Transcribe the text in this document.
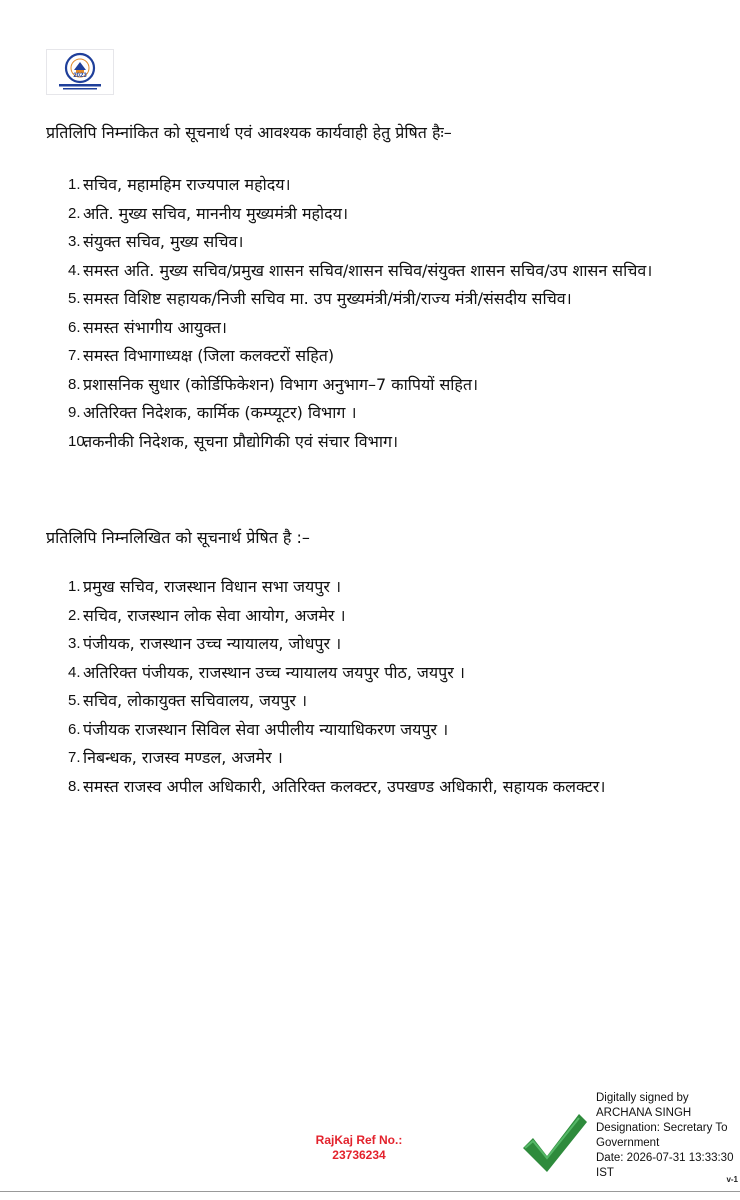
2023
प्रतिलिपि निम्नांकित को सूचनार्थ एवं आवश्यक कार्यवाही हेतु प्रेषित हैः–
1. सचिव, महामहिम राज्यपाल महोदय।
2. अति. मुख्य सचिव, माननीय मुख्यमंत्री महोदय।
3. संयुक्त सचिव, मुख्य सचिव।
4. समस्त अति. मुख्य सचिव/प्रमुख शासन सचिव/शासन सचिव/संयुक्त शासन सचिव/उप शासन सचिव।
5. समस्त विशिष्ट सहायक/निजी सचिव मा. उप मुख्यमंत्री/मंत्री/राज्य मंत्री/संसदीय सचिव।
6. समस्त संभागीय आयुक्त।
7. समस्त विभागाध्यक्ष (जिला कलक्टरों सहित)
8. प्रशासनिक सुधार (कोर्डिफिकेशन) विभाग अनुभाग–7 कापियों सहित।
9. अतिरिक्त निदेशक, कार्मिक (कम्प्यूटर) विभाग ।
10.
तकनीकी निदेशक, सूचना प्रौद्योगिकी एवं संचार विभाग।
प्रतिलिपि निम्नलिखित को सूचनार्थ प्रेषित है :–
1. प्रमुख सचिव, राजस्थान विधान सभा जयपुर ।
2. सचिव, राजस्थान लोक सेवा आयोग, अजमेर ।
3. पंजीयक, राजस्थान उच्च न्यायालय, जोधपुर ।
4. अतिरिक्त पंजीयक, राजस्थान उच्च न्यायालय जयपुर पीठ, जयपुर ।
5. सचिव, लोकायुक्त सचिवालय, जयपुर ।
6. पंजीयक राजस्थान सिविल सेवा अपीलीय न्यायाधिकरण जयपुर ।
7. निबन्धक, राजस्व मण्डल, अजमेर ।
8. समस्त राजस्व अपील अधिकारी, अतिरिक्त कलक्टर, उपखण्ड अधिकारी, सहायक कलक्टर।
RajKaj Ref No.:
23736234
Digitally signed by
ARCHANA SINGH
Designation: Secretary To
Government
Date: 2026-07-31 13:33:30
IST
v-1
